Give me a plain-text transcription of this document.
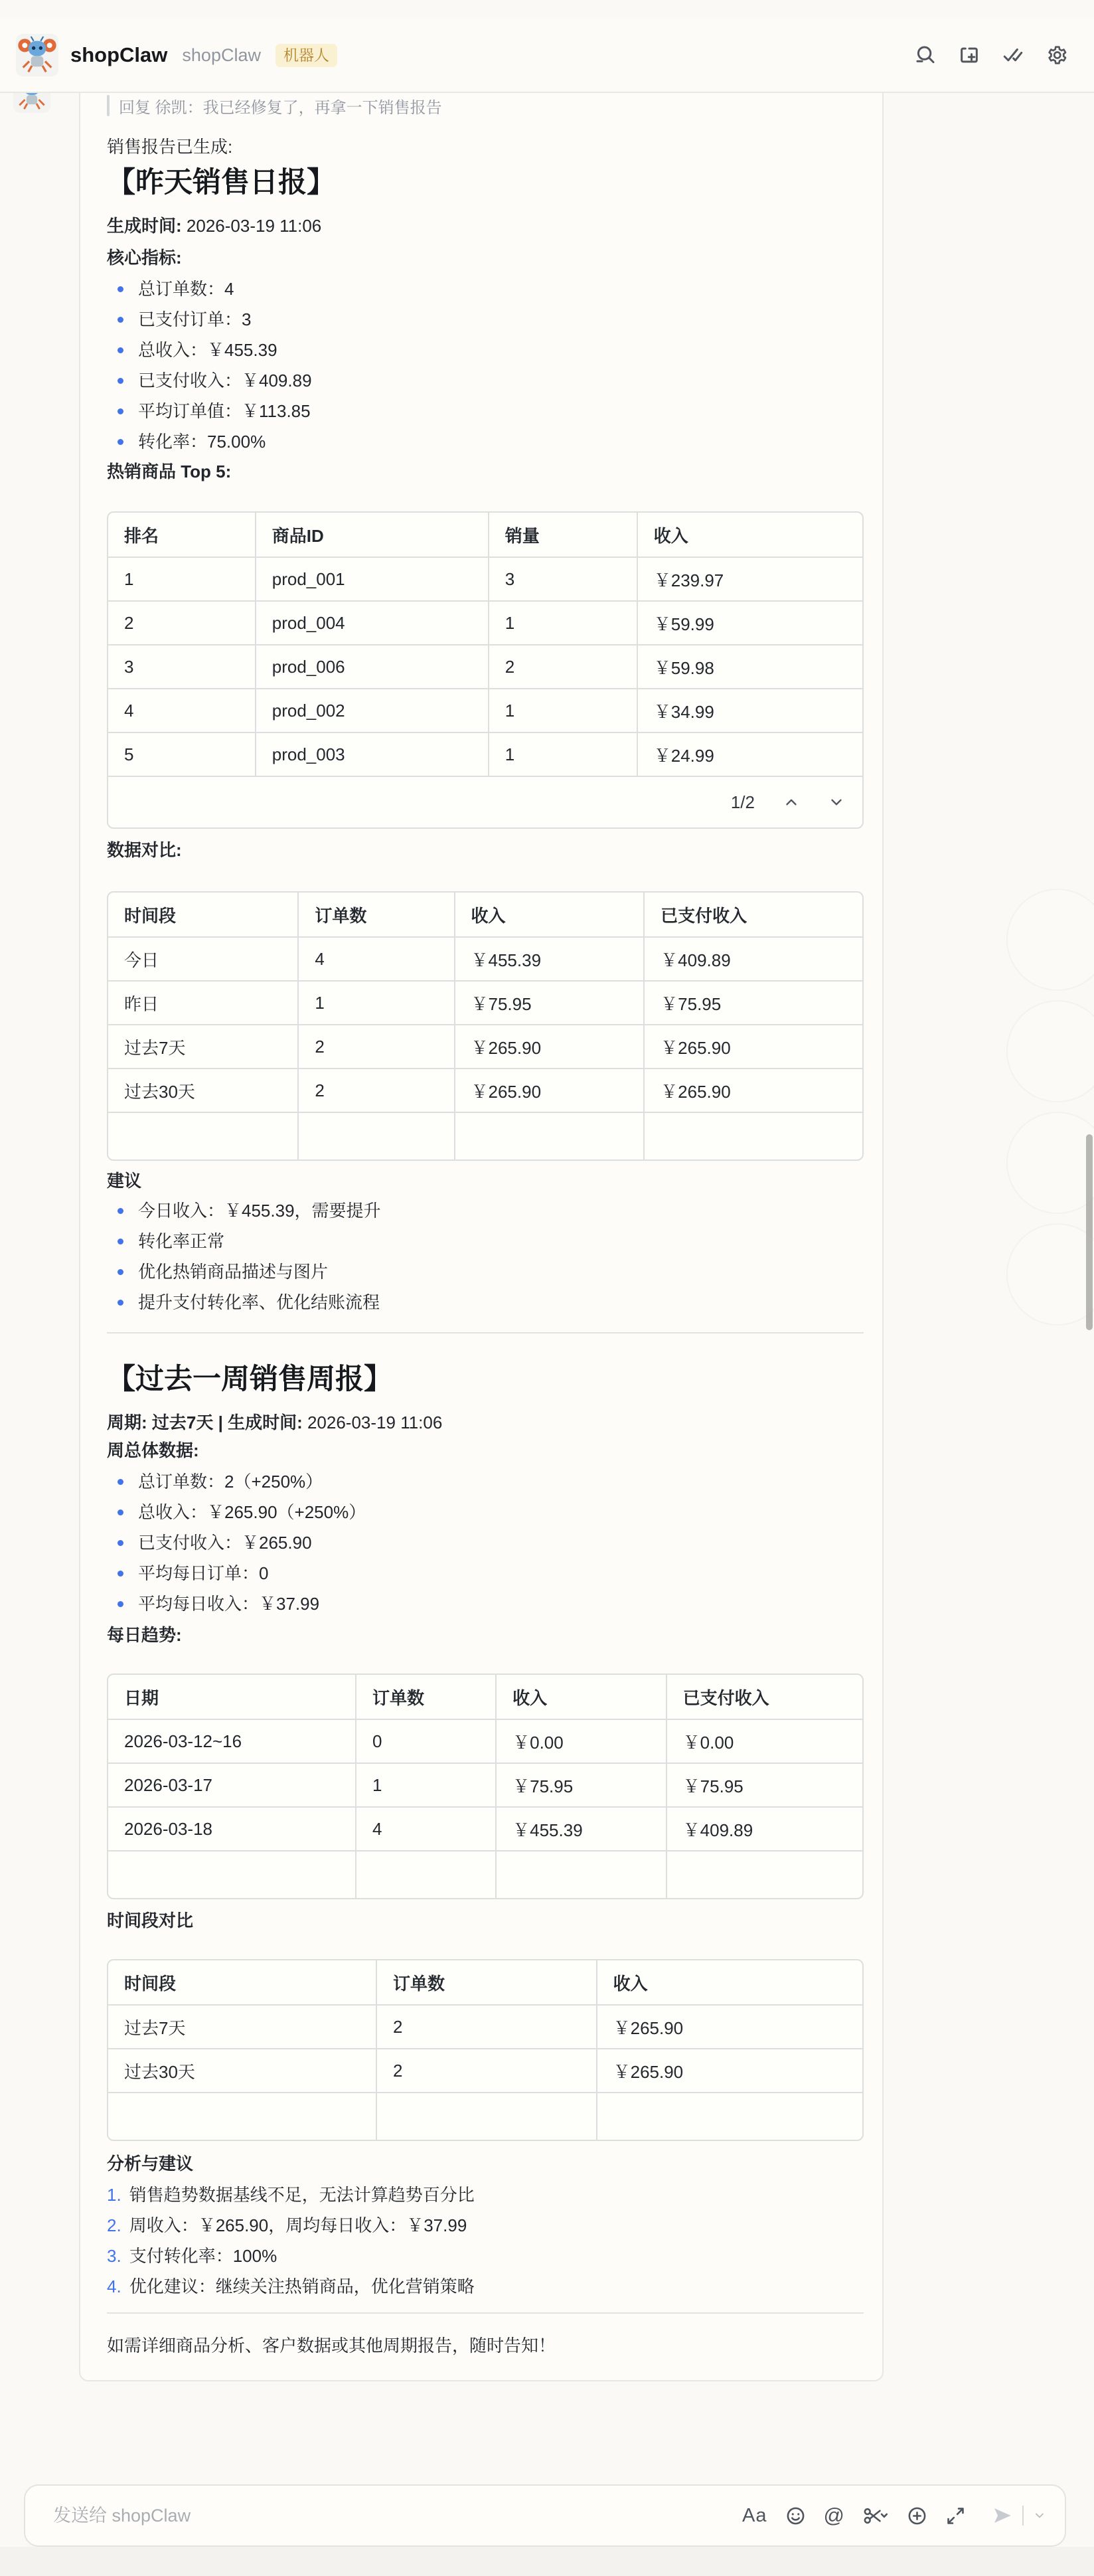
shopClaw shopClaw	机器人
回复 徐凯：我已经修复了，再拿一下销售报告
销售报告已生成:
【昨天销售日报】
生成时间: 2026-03-19 11:06
核心指标:
总订单数：4
已支付订单：3
总收入：￥455.39
已支付收入：￥409.89
平均订单值：￥113.85
转化率：75.00%
热销商品 Top 5:
排名	商品ID	销量	收入
1	prod_001	3	￥239.97
2	prod_004	1	￥59.99
3	prod_006	2	￥59.98
4	prod_002	1	￥34.99
5	prod_003	1	￥24.99
1/2
数据对比:
时间段	订单数	收入	已支付收入
今日	4	￥455.39	￥409.89
昨日	1	￥75.95	￥75.95
过去7天	2	￥265.90	￥265.90
过去30天	2	￥265.90	￥265.90

建议
今日收入：￥455.39，需要提升
转化率正常
优化热销商品描述与图片
提升支付转化率、优化结账流程
【过去一周销售周报】
周期: 过去7天 | 生成时间: 2026-03-19 11:06
周总体数据:
总订单数：2（+250%）
总收入：￥265.90（+250%）
已支付收入：￥265.90
平均每日订单：0
平均每日收入：￥37.99
每日趋势:
日期	订单数	收入	已支付收入
2026-03-12~16	0	￥0.00	￥0.00
2026-03-17	1	￥75.95	￥75.95
2026-03-18	4	￥455.39	￥409.89

时间段对比
时间段	订单数	收入
过去7天	2	￥265.90
过去30天	2	￥265.90

分析与建议
1. 销售趋势数据基线不足，无法计算趋势百分比
2. 周收入：￥265.90，周均每日收入：￥37.99
3. 支付转化率：100%
4. 优化建议：继续关注热销商品，优化营销策略
如需详细商品分析、客户数据或其他周期报告，随时告知！
发送给 shopClaw
Aa	@
